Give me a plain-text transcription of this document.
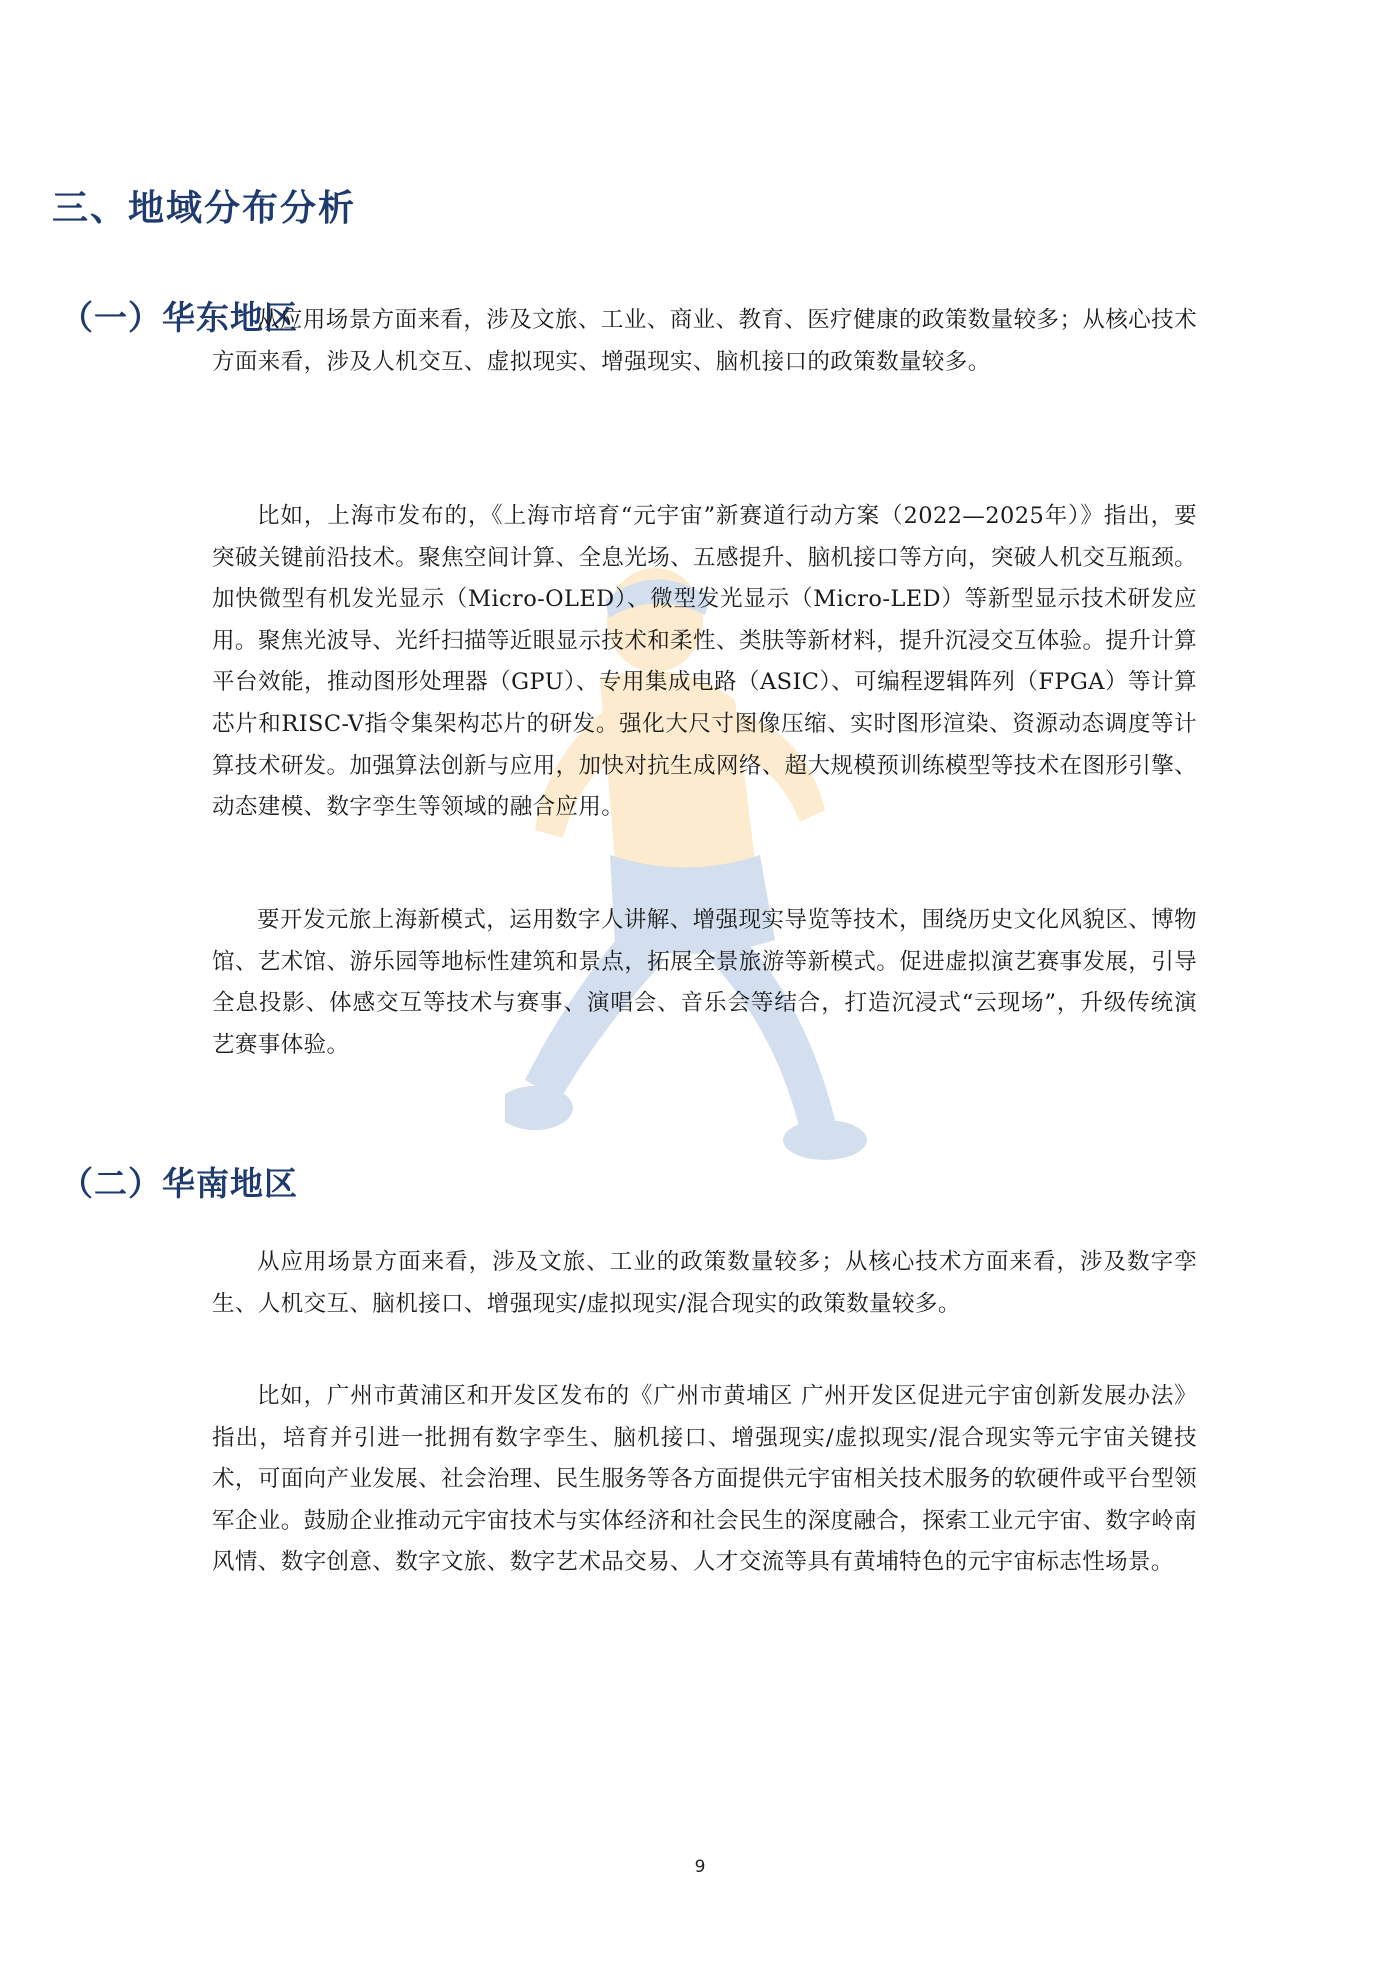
三、地域分布分析
（一）华东地区

从应用场景方面来看，涉及文旅、工业、商业、教育、医疗健康的政策数量较多；从核心技术方面来看，涉及人机交互、虚拟现实、增强现实、脑机接口的政策数量较多。

比如，上海市发布的，《上海市培育“元宇宙”新赛道行动方案（2022—2025年）》指出，要突破关键前沿技术。聚焦空间计算、全息光场、五感提升、脑机接口等方向，突破人机交互瓶颈。加快微型有机发光显示（Micro-OLED）、微型发光显示（Micro-LED）等新型显示技术研发应用。聚焦光波导、光纤扫描等近眼显示技术和柔性、类肤等新材料，提升沉浸交互体验。提升计算平台效能，推动图形处理器（GPU）、专用集成电路（ASIC）、可编程逻辑阵列（FPGA）等计算芯片和RISC-V指令集架构芯片的研发。强化大尺寸图像压缩、实时图形渲染、资源动态调度等计算技术研发。加强算法创新与应用，加快对抗生成网络、超大规模预训练模型等技术在图形引擎、动态建模、数字孪生等领域的融合应用。

要开发元旅上海新模式，运用数字人讲解、增强现实导览等技术，围绕历史文化风貌区、博物馆、艺术馆、游乐园等地标性建筑和景点，拓展全景旅游等新模式。促进虚拟演艺赛事发展，引导全息投影、体感交互等技术与赛事、演唱会、音乐会等结合，打造沉浸式“云现场”，升级传统演艺赛事体验。

从应用场景方面来看，涉及文旅、工业的政策数量较多；从核心技术方面来看，涉及数字孪生、人机交互、脑机接口、增强现实/虚拟现实/混合现实的政策数量较多。

比如，广州市黄浦区和开发区发布的《广州市黄埔区 广州开发区促进元宇宙创新发展办法》指出，培育并引进一批拥有数字孪生、脑机接口、增强现实/虚拟现实/混合现实等元宇宙关键技术，可面向产业发展、社会治理、民生服务等各方面提供元宇宙相关技术服务的软硬件或平台型领军企业。鼓励企业推动元宇宙技术与实体经济和社会民生的深度融合，探索工业元宇宙、数字岭南风情、数字创意、数字文旅、数字艺术品交易、人才交流等具有黄埔特色的元宇宙标志性场景。

（二）华南地区
9
